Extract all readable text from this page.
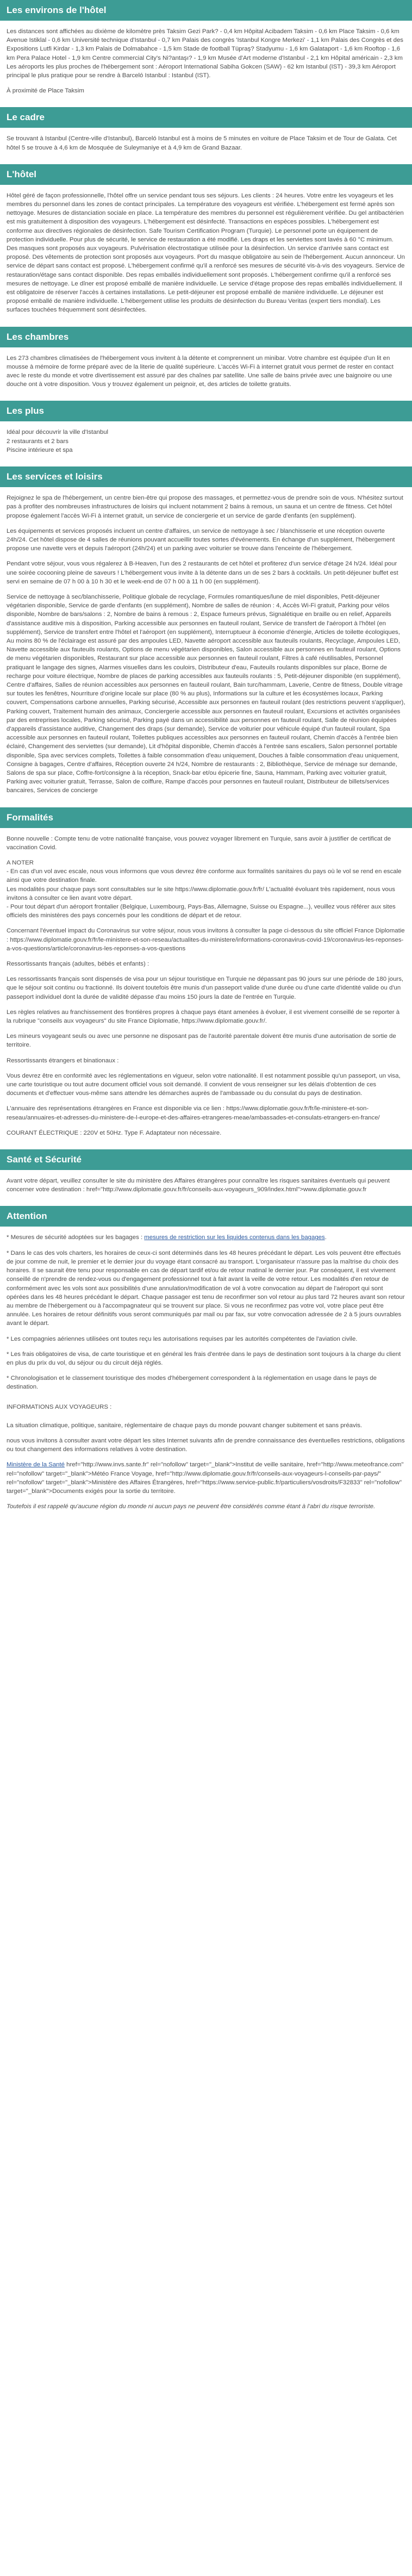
Les environs de l'hôtel

Les distances sont affichées au dixième de kilomètre près Taksim Gezi Park? - 0,4 km Hôpital Acibadem Taksim - 0,6 km Place Taksim - 0,6 km Avenue Istiklal - 0,6 km Université technique d'Istanbul - 0,7 km Palais des congrès 'Istanbul Kongre Merkezi' - 1,1 km Palais des Congrès et des Expositions Lutfi Kirdar - 1,3 km Palais de Dolmabahce - 1,5 km Stade de football Tüpraş? Stadyumu - 1,6 km Galataport - 1,6 km Rooftop - 1,6 km Pera Palace Hotel - 1,9 km Centre commercial City's Ni?antaşı? - 1,9 km Musée d'Art moderne d'Istanbul - 2,1 km Hôpital américain - 2,3 km Les aéroports les plus proches de l'hébergement sont : Aéroport International Sabiha Gokcen (SAW) - 62 km Istanbul (IST) - 39,3 km Aéroport principal le plus pratique pour se rendre à Barceló Istanbul : Istanbul (IST).

À proximité de Place Taksim

Le cadre

Se trouvant à Istanbul (Centre-ville d'Istanbul), Barceló Istanbul est à moins de 5 minutes en voiture de Place Taksim et de Tour de Galata. Cet hôtel 5 se trouve à 4,6 km de Mosquée de Suleymaniye et à 4,9 km de Grand Bazaar.

L'hôtel

Hôtel géré de façon professionnelle, l'hôtel offre un service pendant tous ses séjours. Les clients : 24 heures. Votre entre les voyageurs et les membres du personnel dans les zones de contact principales. La température des voyageurs est vérifiée. L'hébergement est fermé après son nettoyage. Mesures de distanciation sociale en place. La température des membres du personnel est régulièrement vérifiée. Du gel antibactérien est mis gratuitement à disposition des voyageurs. L'hébergement est désinfecté. Transactions en espèces possibles. L'hébergement est conforme aux directives régionales de désinfection. Safe Tourism Certification Program (Turquie). Le personnel porte un équipement de protection individuelle. Pour plus de sécurité, le service de restauration a été modifié. Les draps et les serviettes sont lavés à 60 °C minimum. Des masques sont proposés aux voyageurs. Pulvérisation électrostatique utilisée pour la désinfection. Un service d'arrivée sans contact est proposé. Des vêtements de protection sont proposés aux voyageurs. Port du masque obligatoire au sein de l'hébergement. Aucun annonceur. Un service de départ sans contact est proposé. L'hébergement confirmé qu'il a renforcé ses mesures de sécurité vis-à-vis des voyageurs. Service de restauration/étage sans contact disponible. Des repas emballés individuellement sont proposés. L'hébergement confirme qu'il a renforcé ses mesures de nettoyage. Le dîner est proposé emballé de manière individuelle. Le service d'étage propose des repas emballés individuellement. Il est obligatoire de réserver l'accès à certaines installations. Le petit-déjeuner est proposé emballé de manière individuelle. Le déjeuner est proposé emballé de manière individuelle. L'hébergement utilise les produits de désinfection du Bureau Veritas (expert tiers mondial). Les surfaces touchées fréquemment sont désinfectées.

Les chambres

Les 273 chambres climatisées de l'hébergement vous invitent à la détente et comprennent un minibar. Votre chambre est équipée d'un lit en mousse à mémoire de forme préparé avec de la literie de qualité supérieure. L'accès Wi-Fi à internet gratuit vous permet de rester en contact avec le reste du monde et votre divertissement est assuré par des chaînes par satellite. Une salle de bains privée avec une baignoire ou une douche ont à votre disposition. Vous y trouvez également un peignoir, et, des articles de toilette gratuits.

Les plus

Idéal pour découvrir la ville d'Istanbul

2 restaurants et 2 bars

Piscine intérieure et spa

Les services et loisirs

Rejoignez le spa de l'hébergement, un centre bien-être qui propose des massages, et permettez-vous de prendre soin de vous. N'hésitez surtout pas à profiter des nombreuses infrastructures de loisirs qui incluent notamment 2 bains à remous, un sauna et un centre de fitness. Cet hôtel propose également l'accès Wi-Fi à internet gratuit, un service de conciergerie et un service de garde d'enfants (en supplément).

Les équipements et services proposés incluent un centre d'affaires, un service de nettoyage à sec / blanchisserie et une réception ouverte 24h/24. Cet hôtel dispose de 4 salles de réunions pouvant accueillir toutes sortes d'événements. En échange d'un supplément, l'hébergement propose une navette vers et depuis l'aéroport (24h/24) et un parking avec voiturier se trouve dans l'enceinte de l'hébergement.

Pendant votre séjour, vous vous régalerez à B-Heaven, l'un des 2 restaurants de cet hôtel et profiterez d'un service d'étage 24 h/24. Idéal pour une soirée cocooning pleine de saveurs ! L'hébergement vous invite à la détente dans un de ses 2 bars à cocktails. Un petit-déjeuner buffet est servi en semaine de 07 h 00 à 10 h 30 et le week-end de 07 h 00 à 11 h 00 (en supplément).

Service de nettoyage à sec/blanchisserie, Politique globale de recyclage, Formules romantiques/lune de miel disponibles, Petit-déjeuner végétarien disponible, Service de garde d'enfants (en supplément), Nombre de salles de réunion : 4, Accès Wi-Fi gratuit, Parking pour vélos disponible, Nombre de bars/salons : 2, Nombre de bains à remous : 2, Espace fumeurs prévus, Signalétique en braille ou en relief, Appareils d'assistance auditive mis à disposition, Parking accessible aux personnes en fauteuil roulant, Service de transfert de l'aéroport à l'hôtel (en supplément), Service de transfert entre l'hôtel et l'aéroport (en supplément), Interruptueur à économie d'énergie, Articles de toilette écologiques, Au moins 80 % de l'éclairage est assuré par des ampoules LED, Navette aéroport accessible aux fauteuils roulants, Recyclage, Ampoules LED, Navette accessible aux fauteuils roulants, Options de menu végétarien disponibles, Salon accessible aux personnes en fauteuil roulant, Options de menu végétarien disponibles, Restaurant sur place accessible aux personnes en fauteuil roulant, Filtres à café réutilisables, Personnel pratiquant le langage des signes, Alarmes visuelles dans les couloirs, Distributeur d'eau, Fauteuils roulants disponibles sur place, Borne de recharge pour voiture électrique, Nombre de places de parking accessibles aux fauteuils roulants : 5, Petit-déjeuner disponible (en supplément), Centre d'affaires, Salles de réunion accessibles aux personnes en fauteuil roulant, Bain turc/hammam, Laverie, Centre de fitness, Double vitrage sur toutes les fenêtres, Nourriture d'origine locale sur place (80 % au plus), Informations sur la culture et les écosystèmes locaux, Parking couvert, Compensations carbone annuelles, Parking sécurisé, Accessible aux personnes en fauteuil roulant (des restrictions peuvent s'appliquer), Parking couvert, Traitement humain des animaux, Conciergerie accessible aux personnes en fauteuil roulant, Excursions et activités organisées par des entreprises locales, Parking sécurisé, Parking payé dans un accessibilité aux personnes en fauteuil roulant, Salle de réunion équipées d'appareils d'assistance auditive, Changement des draps (sur demande), Service de voiturier pour véhicule équipé d'un fauteuil roulant, Spa accessible aux personnes en fauteuil roulant, Toilettes publiques accessibles aux personnes en fauteuil roulant, Chemin d'accès à l'entrée bien éclairé, Changement des serviettes (sur demande), Lit d'hôpital disponible, Chemin d'accès à l'entrée sans escaliers, Salon personnel portable disponible, Spa avec services complets, Toilettes à faible consommation d'eau uniquement, Douches à faible consommation d'eau uniquement, Consigne à bagages, Centre d'affaires, Réception ouverte 24 h/24, Nombre de restaurants : 2, Bibliothèque, Service de ménage sur demande, Salons de spa sur place, Coffre-fort/consigne à la réception, Snack-bar et/ou épicerie fine, Sauna, Hammam, Parking avec voiturier gratuit, Parking avec voiturier gratuit, Terrasse, Salon de coiffure, Rampe d'accès pour personnes en fauteuil roulant, Distributeur de billets/services bancaires, Services de concierge

Formalités

Bonne nouvelle : Compte tenu de votre nationalité française, vous pouvez voyager librement en Turquie, sans avoir à justifier de certificat de vaccination Covid.

A NOTER
- En cas d'un vol avec escale, nous vous informons que vous devrez être conforme aux formalités sanitaires du pays où le vol se rend en escale ainsi que votre destination finale.
Les modalités pour chaque pays sont consultables sur le site https://www.diplomatie.gouv.fr/fr/ L'actualité évoluant très rapidement, nous vous invitons à consulter ce lien avant votre départ.
- Pour tout départ d'un aéroport frontalier (Belgique, Luxembourg, Pays-Bas, Allemagne, Suisse ou Espagne...), veuillez vous référer aux sites officiels des ministères des pays concernés pour les conditions de départ et de retour.

Concernant l'éventuel impact du Coronavirus sur votre séjour, nous vous invitons à consulter la page ci-dessous du site officiel France Diplomatie : https://www.diplomatie.gouv.fr/fr/le-ministere-et-son-reseau/actualites-du-ministere/informations-coronavirus-covid-19/coronavirus-les-reponses-a-vos-questions/article/coronavirus-les-reponses-a-vos-questions

Ressortissants français (adultes, bébés et enfants) :

Les ressortissants français sont dispensés de visa pour un séjour touristique en Turquie ne dépassant pas 90 jours sur une période de 180 jours, que le séjour soit continu ou fractionné. Ils doivent toutefois être munis d'un passeport valide d'une durée ou d'une carte d'identité valide ou d'un passeport individuel dont la durée de validité dépasse d'au moins 150 jours la date de l'entrée en Turquie.

Les règles relatives au franchissement des frontières propres à chaque pays étant amenées à évoluer, il est vivement conseillé de se reporter à la rubrique "conseils aux voyageurs" du site France Diplomatie, https://www.diplomatie.gouv.fr/.

Les mineurs voyageant seuls ou avec une personne ne disposant pas de l'autorité parentale doivent être munis d'une autorisation de sortie de territoire.

Ressortissants étrangers et binationaux :

Vous devrez être en conformité avec les réglementations en vigueur, selon votre nationalité. Il est notamment possible qu'un passeport, un visa, une carte touristique ou tout autre document officiel vous soit demandé. Il convient de vous renseigner sur les délais d'obtention de ces documents et d'effectuer vous-même sans attendre les démarches auprès de l'ambassade ou du consulat du pays de destination.

L'annuaire des représentations étrangères en France est disponible via ce lien : https://www.diplomatie.gouv.fr/fr/le-ministere-et-son-reseau/annuaires-et-adresses-du-ministere-de-l-europe-et-des-affaires-etrangeres-meae/ambassades-et-consulats-etrangers-en-france/

COURANT ÉLECTRIQUE : 220V et 50Hz. Type F. Adaptateur non nécessaire.

Santé et Sécurité

Avant votre départ, veuillez consulter le site du ministère des Affaires étrangères pour connaître les risques sanitaires éventuels qui peuvent concerner votre destination : href="http://www.diplomatie.gouv.fr/fr/conseils-aux-voyageurs_909/index.html">www.diplomatie.gouv.fr

Attention

* Mesures de sécurité adoptées sur les bagages : mesures de restriction sur les liquides contenus dans les bagages.

* Dans le cas des vols charters, les horaires de ceux-ci sont déterminés dans les 48 heures précédant le départ. Les vols peuvent être effectués de jour comme de nuit, le premier et le dernier jour du voyage étant consacré au transport. L'organisateur n'assure pas la maîtrise du choix des horaires. Il se saurait être tenu pour responsable en cas de départ tardif et/ou de retour matinal le dernier jour. Par conséquent, il est vivement conseillé de n'prendre de rendez-vous ou d'engagement professionnel tout à fait avant la veille de votre retour. Les modalités d'en retour de conformément avec les vols sont aux possibilités d'une annulation/modification de vol à votre convocation au départ de l'aéroport qui sont opérées dans les 48 heures précédant le départ. Chaque passager est tenu de reconfirmer son vol retour au plus tard 72 heures avant son retour au membre de l'hébergement ou à l'accompagnateur qui se trouvent sur place. Si vous ne reconfirmez pas votre vol, votre place peut être annulée. Les horaires de retour définitifs vous seront communiqués par mail ou par fax, sur votre convocation adressée de 2 à 5 jours ouvrables avant le départ.

* Les compagnies aériennes utilisées ont toutes reçu les autorisations requises par les autorités compétentes de l'aviation civile.

* Les frais obligatoires de visa, de carte touristique et en général les frais d'entrée dans le pays de destination sont toujours à la charge du client en plus du prix du vol, du séjour ou du circuit déjà réglés.

* Chronologisation et le classement touristique des modes d'hébergement correspondent à la réglementation en usage dans le pays de destination.

INFORMATIONS AUX VOYAGEURS :

La situation climatique, politique, sanitaire, réglementaire de chaque pays du monde pouvant changer subitement et sans préavis.

nous vous invitons à consulter avant votre départ les sites Internet suivants afin de prendre connaissance des éventuelles restrictions, obligations ou tout changement des informations relatives à votre destination.

Ministère de la Santé href="http://www.invs.sante.fr" rel="nofollow" target="_blank">Institut de veille sanitaire, href="http://www.meteofrance.com" rel="nofollow" target="_blank">Météo France Voyage, href="http://www.diplomatie.gouv.fr/fr/conseils-aux-voyageurs-l-conseils-par-pays/" rel="nofollow" target="_blank">Ministère des Affaires Étrangères, href="https://www.service-public.fr/particuliers/vosdroits/F32833" rel="nofollow" target="_blank">Documents exigés pour la sortie du territoire.

Toutefois il est rappelé qu'aucune région du monde ni aucun pays ne peuvent être considérés comme étant à l'abri du risque terroriste.
